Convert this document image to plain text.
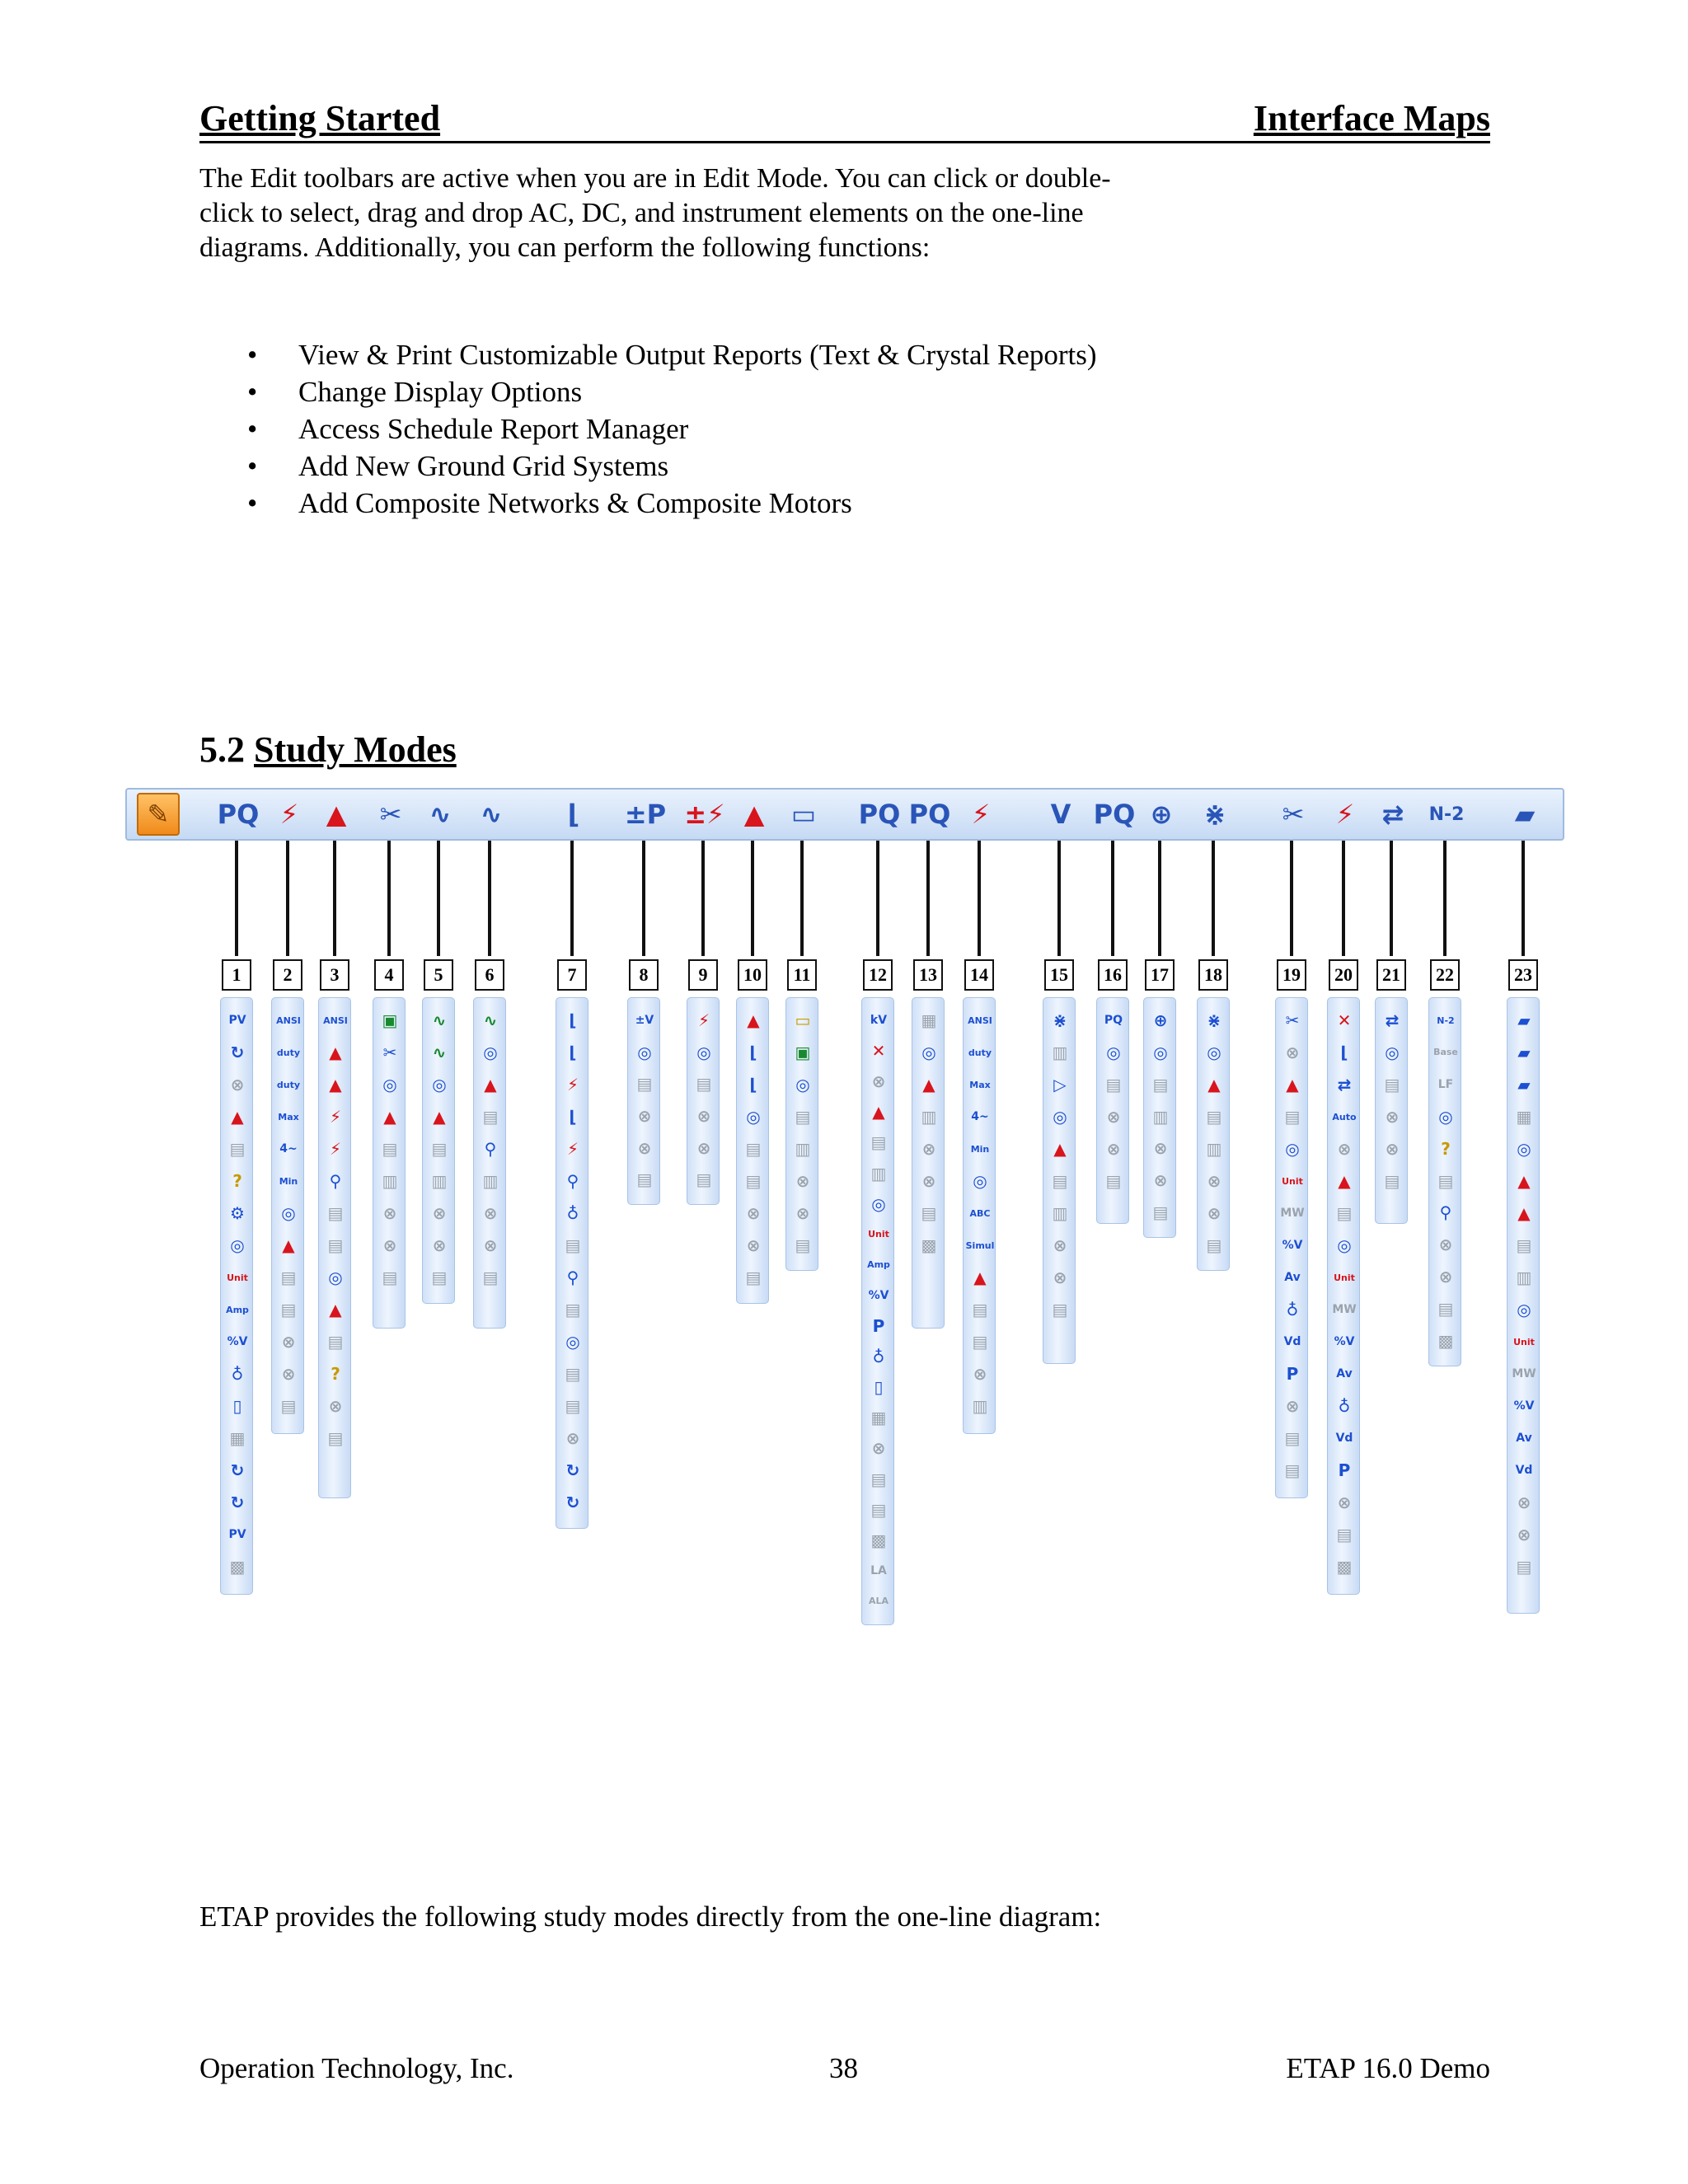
Getting Started	Interface Maps

The Edit toolbars are active when you are in Edit Mode. You can click or double-click to select, drag and drop AC, DC, and instrument elements on the one-line diagrams. Additionally, you can perform the following functions:

• View & Print Customizable Output Reports (Text & Crystal Reports)
• Change Display Options
• Access Schedule Report Manager
• Add New Ground Grid Systems
• Add Composite Networks & Composite Motors
5.2 Study Modes
✎ PQ ⚡	▲	✂	∿	∿	⌊	±P ±⚡ ▲	▭	PQ PQ ⚡	V PQ ⊕	⋇	✂	⚡	⇄	N-2	▰
1
PV
↻
⊗
▲
▤
?
⚙
◎
Unit
Amp
%V
♁
▯
▦
↻
↻
PV
▩
2
ANSI
duty
duty
Max
4~
Min
◎
▲
▤
▤
⊗
⊗
▤
3
ANSI
▲
▲
⚡
⚡
⚲
▤
▤
◎
▲
▤
?
⊗
▤
4
▣
✂
◎
▲
▤
▥
⊗
⊗
▤
5
∿
∿
◎
▲
▤
▥
⊗
⊗
▤
6
∿
◎
▲
▤
⚲
▥
⊗
⊗
▤
7
⌊
⌊
⚡
⌊
⚡
⚲
♁
▤
⚲
▤
◎
▤
▤
⊗
↻
↻
8
±V
◎
▤
⊗
⊗
▤
9
⚡
◎
▤
⊗
⊗
▤
10
▲
⌊
⌊
◎
▤
▤
⊗
⊗
▤
11
▭
▣
◎
▤
▥
⊗
⊗
▤
12
kV
✕
⊗
▲
▤
▥
◎
Unit
Amp
%V
P
♁
▯
▦
⊗
▤
▤
▩
LA
ALA
13
▦
◎
▲
▥
⊗
⊗
▤
▩
14
ANSI
duty
Max
4~
Min
◎
ABC
Simul
▲
▤
▤
⊗
▥
15
⋇
▥
▷
◎
▲
▤
▥
⊗
⊗
▤
16
PQ
◎
▤
⊗
⊗
▤
17
⊕
◎
▤
▥
⊗
⊗
▤
18
⋇
◎
▲
▤
▥
⊗
⊗
▤
19
✂
⊗
▲
▤
◎
Unit
MW
%V
Av
♁
Vd
P
⊗
▤
▤
20
✕
⌊
⇄
Auto
⊗
▲
▤
◎
Unit
MW
%V
Av
♁
Vd
P
⊗
▤
▩
21
⇄
◎
▤
⊗
⊗
▤
22
N-2
Base
LF
◎
?
▤
⚲
⊗
⊗
▤
▩
23
▰
▰
▰
▦
◎
▲
▲
▤
▥
◎
Unit
MW
%V
Av
Vd
⊗
⊗
▤

ETAP provides the following study modes directly from the one-line diagram:

Operation Technology, Inc.	38	ETAP 16.0 Demo
